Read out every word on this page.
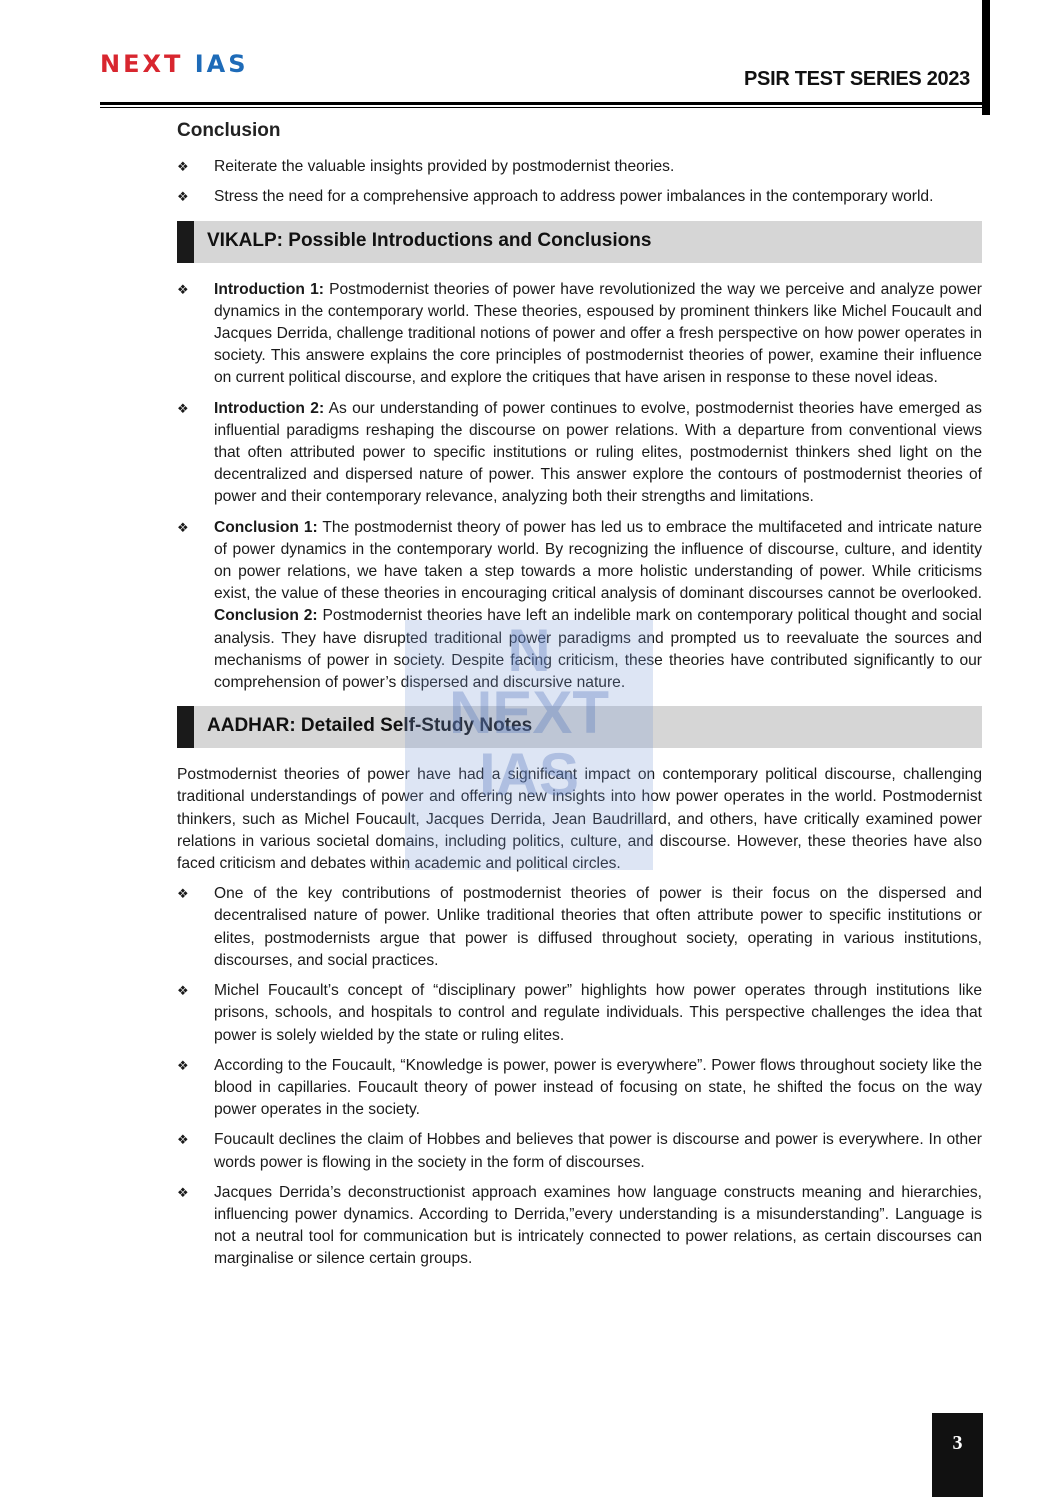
NEXT IAS
PSIR TEST SERIES 2023
Conclusion
❖ Reiterate the valuable insights provided by postmodernist theories.
❖ Stress the need for a comprehensive approach to address power imbalances in the contemporary world.
VIKALP: Possible Introductions and Conclusions
❖ Introduction 1: Postmodernist theories of power have revolutionized the way we perceive and analyze power dynamics in the contemporary world. These theories, espoused by prominent thinkers like Michel Foucault and Jacques Derrida, challenge traditional notions of power and offer a fresh perspective on how power operates in society. This answere explains the core principles of postmodernist theories of power, examine their influence on current political discourse, and explore the critiques that have arisen in response to these novel ideas.
❖ Introduction 2: As our understanding of power continues to evolve, postmodernist theories have emerged as influential paradigms reshaping the discourse on power relations. With a departure from conventional views that often attributed power to specific institutions or ruling elites, postmodernist thinkers shed light on the decentralized and dispersed nature of power. This answer explore the contours of postmodernist theories of power and their contemporary relevance, analyzing both their strengths and limitations.
❖ Conclusion 1: The postmodernist theory of power has led us to embrace the multifaceted and intricate nature of power dynamics in the contemporary world. By recognizing the influence of discourse, culture, and identity on power relations, we have taken a step towards a more holistic understanding of power. While criticisms exist, the value of these theories in encouraging critical analysis of dominant discourses cannot be overlooked. Conclusion 2: Postmodernist theories have left an indelible mark on contemporary political thought and social analysis. They have disrupted traditional power paradigms and prompted us to reevaluate the sources and mechanisms of power in society. Despite facing criticism, these theories have contributed significantly to our comprehension of power’s dispersed and discursive nature.
AADHAR: Detailed Self-Study Notes

Postmodernist theories of power have had a significant impact on contemporary political discourse, challenging traditional understandings of power and offering new insights into how power operates in the world. Postmodernist thinkers, such as Michel Foucault, Jacques Derrida, Jean Baudrillard, and others, have critically examined power relations in various societal domains, including politics, culture, and discourse. However, these theories have also faced criticism and debates within academic and political circles.

❖ One of the key contributions of postmodernist theories of power is their focus on the dispersed and decentralised nature of power. Unlike traditional theories that often attribute power to specific institutions or elites, postmodernists argue that power is diffused throughout society, operating in various institutions, discourses, and social practices.
❖ Michel Foucault’s concept of “disciplinary power” highlights how power operates through institutions like prisons, schools, and hospitals to control and regulate individuals. This perspective challenges the idea that power is solely wielded by the state or ruling elites.
❖ According to the Foucault, “Knowledge is power, power is everywhere”. Power flows throughout society like the blood in capillaries. Foucault theory of power instead of focusing on state, he shifted the focus on the way power operates in the society.
❖ Foucault declines the claim of Hobbes and believes that power is discourse and power is everywhere. In other words power is flowing in the society in the form of discourses.
❖ Jacques Derrida’s deconstructionist approach examines how language constructs meaning and hierarchies, influencing power dynamics. According to Derrida,”every understanding is a misunderstanding”. Language is not a neutral tool for communication but is intricately connected to power relations, as certain discourses can marginalise or silence certain groups.
N
NEXT
IAS
3
